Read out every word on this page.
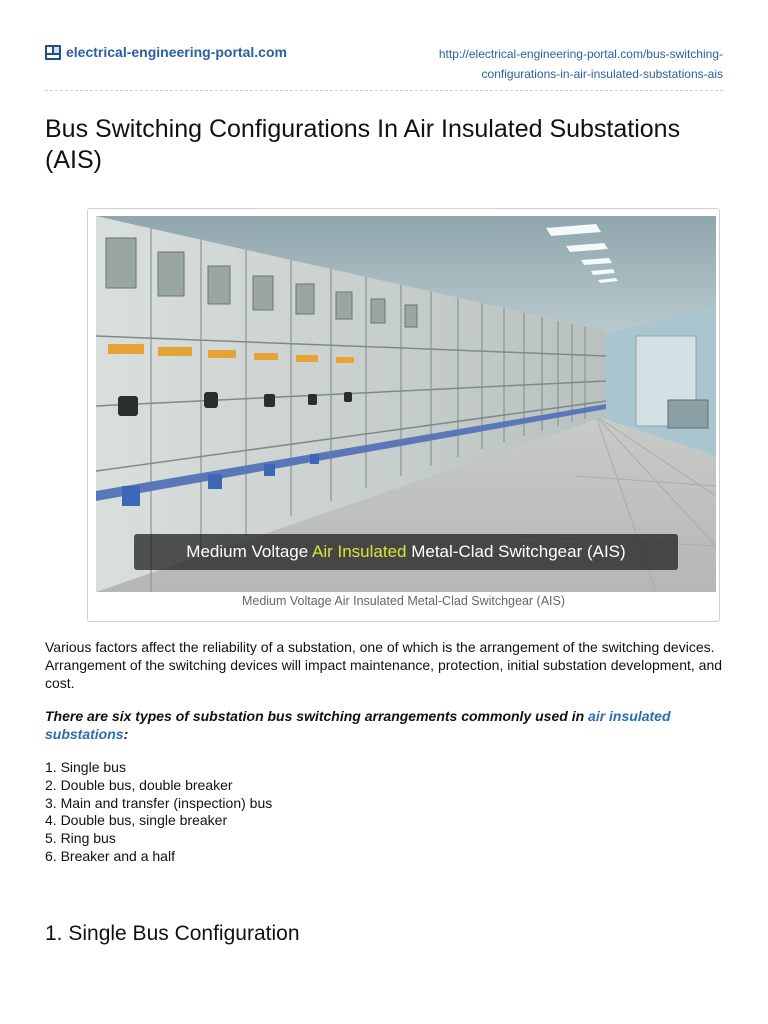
electrical-engineering-portal.com	http://electrical-engineering-portal.com/bus-switching-
configurations-in-air-insulated-substations-ais
Bus Switching Configurations In Air Insulated Substations (AIS)
Medium Voltage Air Insulated Metal-Clad Switchgear (AIS)
Medium Voltage Air Insulated Metal-Clad Switchgear (AIS)

Various factors affect the reliability of a substation, one of which is the arrangement of the switching devices. Arrangement of the switching devices will impact maintenance, protection, initial substation development, and cost.

There are six types of substation bus switching arrangements commonly used in air insulated substations:

1. Single bus
2. Double bus, double breaker
3. Main and transfer (inspection) bus
4. Double bus, single breaker
5. Ring bus
6. Breaker and a half
1. Single Bus Configuration
